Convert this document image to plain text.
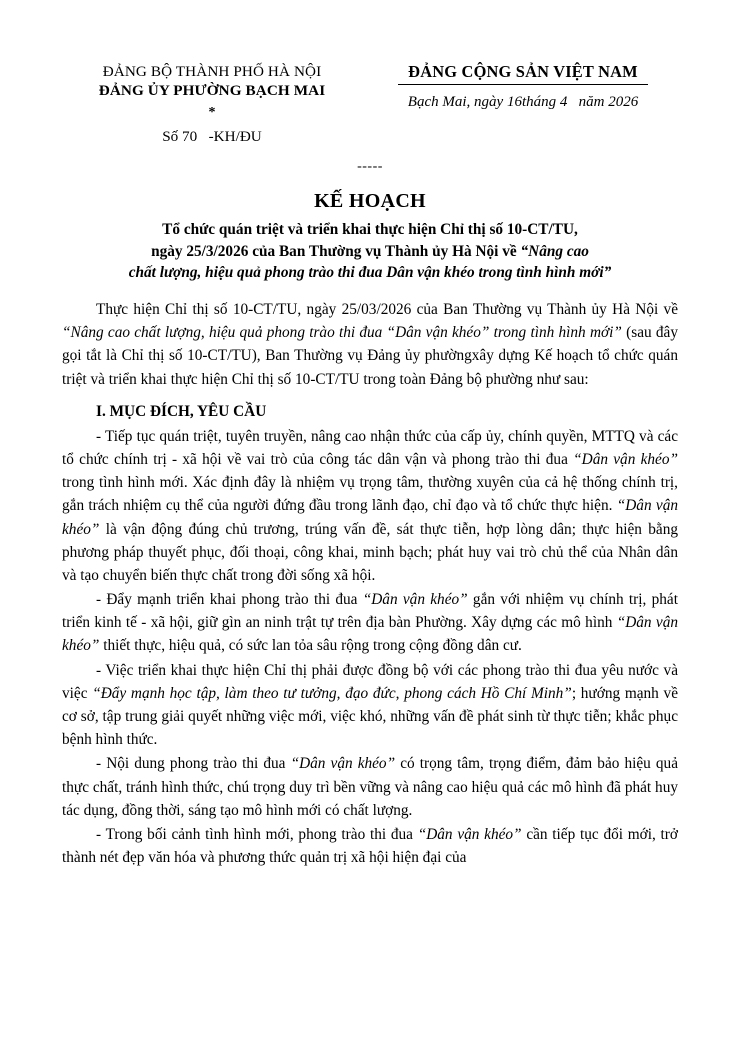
ĐẢNG BỘ THÀNH PHỐ HÀ NỘI
ĐẢNG ỦY PHƯỜNG BẠCH MAI
*
Số 70   -KH/ĐU
ĐẢNG CỘNG SẢN VIỆT NAM
Bạch Mai, ngày 16tháng 4   năm 2026
-----
KẾ HOẠCH
Tổ chức quán triệt và triển khai thực hiện Chỉ thị số 10-CT/TU,
ngày 25/3/2026 của Ban Thường vụ Thành ủy Hà Nội về “Nâng cao
chất lượng, hiệu quả phong trào thi đua Dân vận khéo trong tình hình mới”

Thực hiện Chỉ thị số 10-CT/TU, ngày 25/03/2026 của Ban Thường vụ Thành ủy Hà Nội về “Nâng cao chất lượng, hiệu quả phong trào thi đua “Dân vận khéo” trong tình hình mới” (sau đây gọi tắt là Chỉ thị số 10-CT/TU), Ban Thường vụ Đảng ủy phườngxây dựng Kế hoạch tổ chức quán triệt và triển khai thực hiện Chỉ thị số 10-CT/TU trong toàn Đảng bộ phường như sau:

I. MỤC ĐÍCH, YÊU CẦU

- Tiếp tục quán triệt, tuyên truyền, nâng cao nhận thức của cấp ủy, chính quyền, MTTQ và các tổ chức chính trị - xã hội về vai trò của công tác dân vận và phong trào thi đua “Dân vận khéo” trong tình hình mới. Xác định đây là nhiệm vụ trọng tâm, thường xuyên của cả hệ thống chính trị, gắn trách nhiệm cụ thể của người đứng đầu trong lãnh đạo, chỉ đạo và tổ chức thực hiện. “Dân vận khéo” là vận động đúng chủ trương, trúng vấn đề, sát thực tiễn, hợp lòng dân; thực hiện bằng phương pháp thuyết phục, đối thoại, công khai, minh bạch; phát huy vai trò chủ thể của Nhân dân và tạo chuyển biến thực chất trong đời sống xã hội.

- Đẩy mạnh triển khai phong trào thi đua “Dân vận khéo” gắn với nhiệm vụ chính trị, phát triển kinh tế - xã hội, giữ gìn an ninh trật tự trên địa bàn Phường. Xây dựng các mô hình “Dân vận khéo” thiết thực, hiệu quả, có sức lan tỏa sâu rộng trong cộng đồng dân cư.

- Việc triển khai thực hiện Chỉ thị phải được đồng bộ với các phong trào thi đua yêu nước và việc “Đẩy mạnh học tập, làm theo tư tưởng, đạo đức, phong cách Hồ Chí Minh”; hướng mạnh về cơ sở, tập trung giải quyết những việc mới, việc khó, những vấn đề phát sinh từ thực tiễn; khắc phục bệnh hình thức.

- Nội dung phong trào thi đua “Dân vận khéo” có trọng tâm, trọng điểm, đảm bảo hiệu quả thực chất, tránh hình thức, chú trọng duy trì bền vững và nâng cao hiệu quả các mô hình đã phát huy tác dụng, đồng thời, sáng tạo mô hình mới có chất lượng.

- Trong bối cảnh tình hình mới, phong trào thi đua “Dân vận khéo” cần tiếp tục đổi mới, trở thành nét đẹp văn hóa và phương thức quản trị xã hội hiện đại của
